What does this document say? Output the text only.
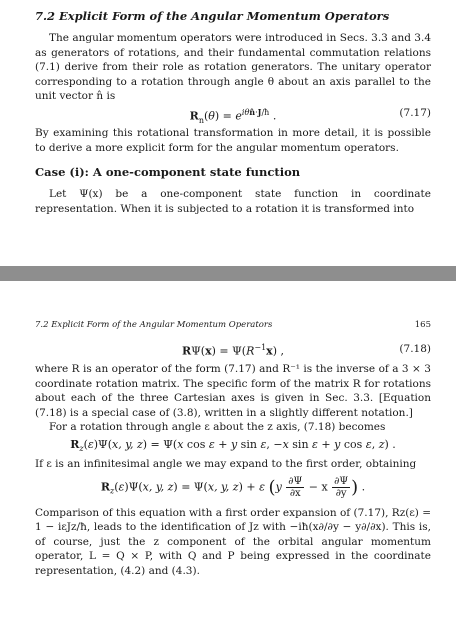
7.2 Explicit Form of the Angular Momentum Operators

The angular momentum operators were introduced in Secs. 3.3 and 3.4 as generators of rotations, and their fundamental commutation relations (7.1) derive from their role as rotation generators. The unitary operator corresponding to a rotation through angle θ about an axis parallel to the unit vector n̂ is

$R_n(\theta) = e^{i\theta n̂\cdot J/ħ}$ .	(7.17)

By examining this rotational transformation in more detail, it is possible to derive a more explicit form for the angular momentum operators.

Case (i): A one-component state function

Let Ψ(x) be a one-component state function in coordinate representation. When it is subjected to a rotation it is transformed into

7.2 Explicit Form of the Angular Momentum Operators	165
$R\Psi(x) = \Psi(R^{-1}x)$ ,	(7.18)

where R is an operator of the form (7.17) and R⁻¹ is the inverse of a 3 × 3 coordinate rotation matrix. The specific form of the matrix R for rotations about each of the three Cartesian axes is given in Sec. 3.3. [Equation (7.18) is a special case of (3.8), written in a slightly different notation.]

For a rotation through angle ε about the z axis, (7.18) becomes

$R_z(\varepsilon)\Psi(x$, y, z) = Ψ(x cos ε + y sin ε, −x sin ε + y cos ε, z) .

If ε is an infinitesimal angle we may expand to the first order, obtaining

$R_z(\varepsilon)\Psi(x$, y, z) = Ψ(x, y, z) + ε ($y \frac{\partial\Psi}{\partial x} - x \frac{\partial\Psi}{\partial y}$ ) .

Comparison of this equation with a first order expansion of (7.17), Rz(ε) = 1 − iεJz/ħ, leads to the identification of Jz with −iħ(x∂/∂y − y∂/∂x). This is, of course, just the z component of the orbital angular momentum operator, L = Q × P, with Q and P being expressed in the coordinate representation, (4.2) and (4.3).
